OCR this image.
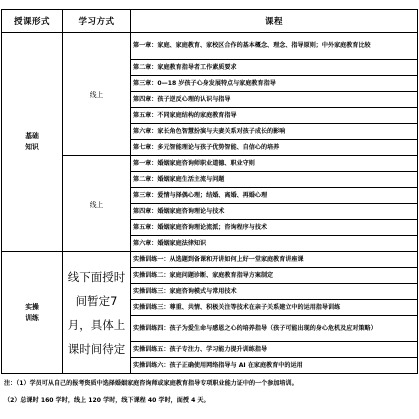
授课形式	学习方式	课程
基础
知识	线上	第一章：家庭、家庭教育、家校区合作的基本概念、理念、指导原则；中外家庭教育比较
		第二章：家庭教育指导者工作素质要求
		第三章：0—18 岁孩子心身发展特点与家庭教育指导
		第四章：孩子逆反心理的认识与指导
		第五章：不同家庭结构的家庭教育指导
		第六章：家长角色智慧扮演与夫妻关系对孩子成长的影响
		第七章：多元智能理论与孩子优势智能、自信心的培养
	线上	第一章：婚姻家庭咨询师职业道德、职业守则
		第二章：婚姻家庭生活主流与问题
		第三章：爱情与择偶心理；结婚、离婚、再婚心理
		第四章：婚姻家庭咨询理论与技术
		第五章：婚姻家庭咨询理论流派；咨询程序与技术
		第六章：婚姻家庭法律知识
实操
训练	线下面授时间暂定7月，具体上课时间待定	实操训练一：从选题到备课和开讲如何上好一堂家庭教育讲座课
		实操训练二：家庭问题诊断、家庭教育指导方案制定
		实操训练三：家庭咨询模式与常用技术
		实操训练三：尊重、共情、积极关注等技术在亲子关系建立中的运用指导训练
		实操训练四：孩子为爱生命与感恩之心的培养指导（孩子可能出现的身心危机及应对策略）
		实操训练五：孩子专注力、学习能力提升训练指导
		实操训练六：孩子正确使用网络指导与 AI 在家庭教育中的运用
注：（1）学员可从自己的报考资质中选择婚姻家庭咨询师或家庭教育指导专项职业能力证中的一个参加培训。
（2）总课时 160 学时，线上 120 学时，线下课程 40 学时，面授 4 天。
